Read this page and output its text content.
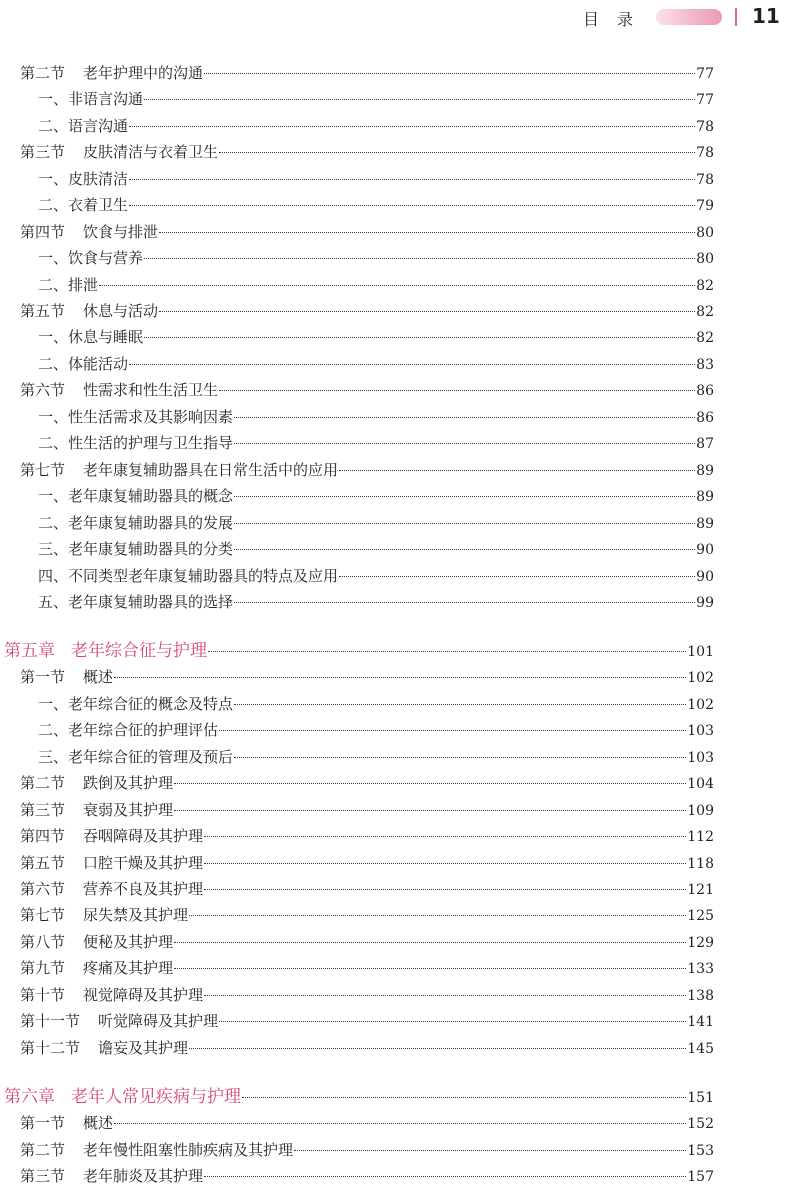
目 录	11
第二节 老年护理中的沟通	77
一、非语言沟通	77
二、语言沟通	78
第三节 皮肤清洁与衣着卫生	78
一、皮肤清洁	78
二、衣着卫生	79
第四节 饮食与排泄	80
一、饮食与营养	80
二、排泄	82
第五节 休息与活动	82
一、休息与睡眠	82
二、体能活动	83
第六节 性需求和性生活卫生	86
一、性生活需求及其影响因素	86
二、性生活的护理与卫生指导	87
第七节 老年康复辅助器具在日常生活中的应用	89
一、老年康复辅助器具的概念	89
二、老年康复辅助器具的发展	89
三、老年康复辅助器具的分类	90
四、不同类型老年康复辅助器具的特点及应用	90
五、老年康复辅助器具的选择	99
第五章 老年综合征与护理	101
第一节 概述	102
一、老年综合征的概念及特点	102
二、老年综合征的护理评估	103
三、老年综合征的管理及预后	103
第二节 跌倒及其护理	104
第三节 衰弱及其护理	109
第四节 吞咽障碍及其护理	112
第五节 口腔干燥及其护理	118
第六节 营养不良及其护理	121
第七节 尿失禁及其护理	125
第八节 便秘及其护理	129
第九节 疼痛及其护理	133
第十节 视觉障碍及其护理	138
第十一节 听觉障碍及其护理	141
第十二节 谵妄及其护理	145
第六章 老年人常见疾病与护理	151
第一节 概述	152
第二节 老年慢性阻塞性肺疾病及其护理	153
第三节 老年肺炎及其护理	157
